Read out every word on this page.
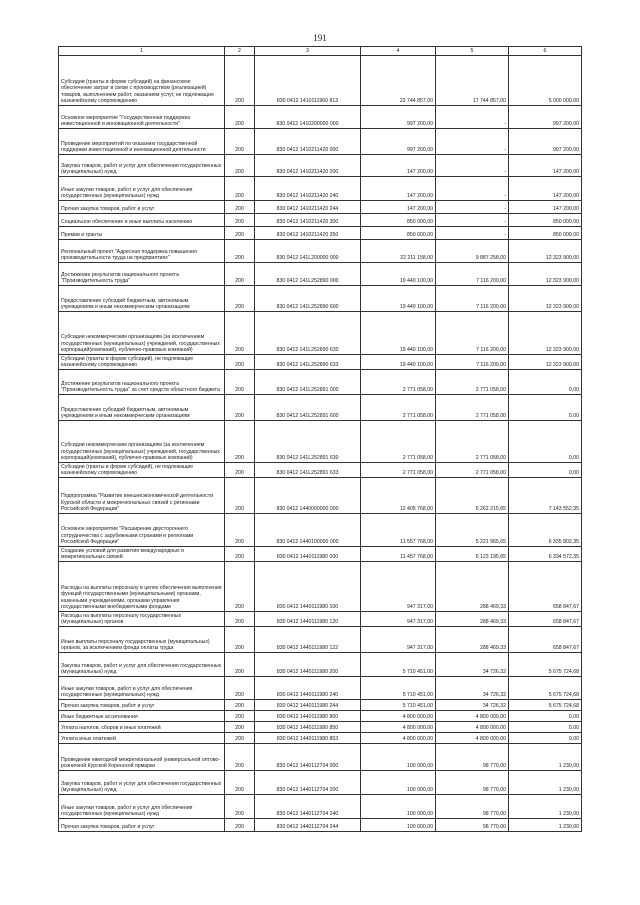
191
1	2	3	4	5	6
Субсидии (гранты в форме субсидий) на финансовое обеспечение затрат в связи с производством (реализацией) товаров, выполнением работ, оказанием услуг, не подлежащие казначейскому сопровождению	200	830 0412 1410111960 813	22 744 857,00	17 744 857,00	5 000 000,00
Основное мероприятие "Государственная поддержка инвестиционной и инновационной деятельности"	200	830 0412 1410200000 000	997 200,00	-	997 200,00
Проведение мероприятий по оказанию государственной поддержки инвестиционной и инновационной деятельности	200	830 0412 1410211420 000	997 200,00	-	997 200,00
Закупка товаров, работ и услуг для обеспечения государственных (муниципальных) нужд	200	830 0412 1410211420 200	147 200,00	-	147 200,00
Иные закупки товаров, работ и услуг для обеспечения государственных (муниципальных) нужд	200	830 0412 1410211420 240	147 200,00	-	147 200,00
Прочая закупка товаров, работ и услуг	200	830 0412 1410211420 244	147 200,00	-	147 200,00
Социальное обеспечение и иные выплаты населению	200	830 0412 1410211420 300	850 000,00	-	850 000,00
Премии и гранты	200	830 0412 1410211420 350	850 000,00	-	850 000,00
Региональный проект "Адресная поддержка повышения производительности труда на предприятиях"	200	830 0412 141L200000 000	22 211 158,00	9 887 258,00	12 323 900,00
Достижение результатов национального проекта "Производительность труда"	200	830 0412 141L252890 000	19 440 100,00	7 116 200,00	12 323 900,00
Предоставление субсидий бюджетным, автономным учреждениям и иным некоммерческим организациям	200	830 0412 141L252890 600	19 440 100,00	7 116 200,00	12 323 900,00
Субсидии некоммерческим организациям (за исключением государственных (муниципальных) учреждений, государственных корпораций(компаний), публично-правовых компаний)	200	830 0412 141L252890 630	19 440 100,00	7 116 200,00	12 323 900,00
Субсидии (гранты в форме субсидий), не подлежащие казначейскому сопровождению	200	830 0412 141L252890 633	19 440 100,00	7 116 200,00	12 323 900,00
Достижение результатов национального проекта "Производительность труда" за счет средств областного бюджета	200	830 0412 141L252891 000	2 771 058,00	2 771 058,00	0,00
Предоставление субсидий бюджетным, автономным учреждениям и иным некоммерческим организациям	200	830 0412 141L252891 600	2 771 058,00	2 771 058,00	0,00
Субсидии некоммерческим организациям (за исключением государственных (муниципальных) учреждений, государственных корпораций(компаний), публично-правовых компаний)	200	830 0412 141L252891 630	2 771 058,00	2 771 058,00	0,00
Субсидии (гранты в форме субсидий), не подлежащие казначейскому сопровождению	200	830 0412 141L252891 633	2 771 058,00	2 771 058,00	0,00
Подпрограмма "Развитие внешнеэкономической деятельности Курской области и межрегиональных связей с регионами Российской Федерации"	200	830 0412 1440000000 000	12 405 768,00	5 262 215,65	7 143 552,35
Основное мероприятие "Расширение двустороннего сотрудничества с зарубежными странами и регионами Российской Федерации"	200	830 0412 1440100000 000	11 557 768,00	5 221 965,65	6 335 802,35
Создание условий для развития международных и межрегиональных связей	200	830 0412 1440111980 000	11 457 768,00	5 123 195,65	6 334 572,35
Расходы на выплаты персоналу в целях обеспечения выполнения функций государственными (муниципальными) органами, казенными учреждениями, органами управления государственными внебюджетными фондами	200	830 0412 1440111980 100	947 317,00	288 469,33	658 847,67
Расходы на выплаты персоналу государственных (муниципальных) органов	200	830 0412 1440111980 120	947 317,00	288 469,33	658 847,67
Иные выплаты персоналу государственных (муниципальных) органов, за исключением фонда оплаты труда	200	830 0412 1440111980 122	947 317,00	288 469,33	658 847,67
Закупка товаров, работ и услуг для обеспечения государственных (муниципальных) нужд	200	830 0412 1440111980 200	5 710 451,00	34 726,32	5 675 724,68
Иные закупки товаров, работ и услуг для обеспечения государственных (муниципальных) нужд	200	830 0412 1440111980 240	5 710 451,00	34 726,32	5 675 724,68
Прочая закупка товаров, работ и услуг	200	830 0412 1440111980 244	5 710 451,00	34 726,32	5 675 724,68
Иные бюджетные ассигнования	200	830 0412 1440111980 800	4 800 000,00	4 800 000,00	0,00
Уплата налогов, сборов и иных платежей	200	830 0412 1440111980 850	4 800 000,00	4 800 000,00	0,00
Уплата иных платежей	200	830 0412 1440111980 853	4 800 000,00	4 800 000,00	0,00
Проведение ежегодной межрегиональной универсальной оптово-розничной Курской Коренской ярмарки	200	830 0412 1440112704 000	100 000,00	98 770,00	1 230,00
Закупка товаров, работ и услуг для обеспечения государственных (муниципальных) нужд	200	830 0412 1440112704 200	100 000,00	98 770,00	1 230,00
Иные закупки товаров, работ и услуг для обеспечения государственных (муниципальных) нужд	200	830 0412 1440112704 240	100 000,00	98 770,00	1 230,00
Прочая закупка товаров, работ и услуг	200	830 0412 1440112704 244	100 000,00	98 770,00	1 230,00
